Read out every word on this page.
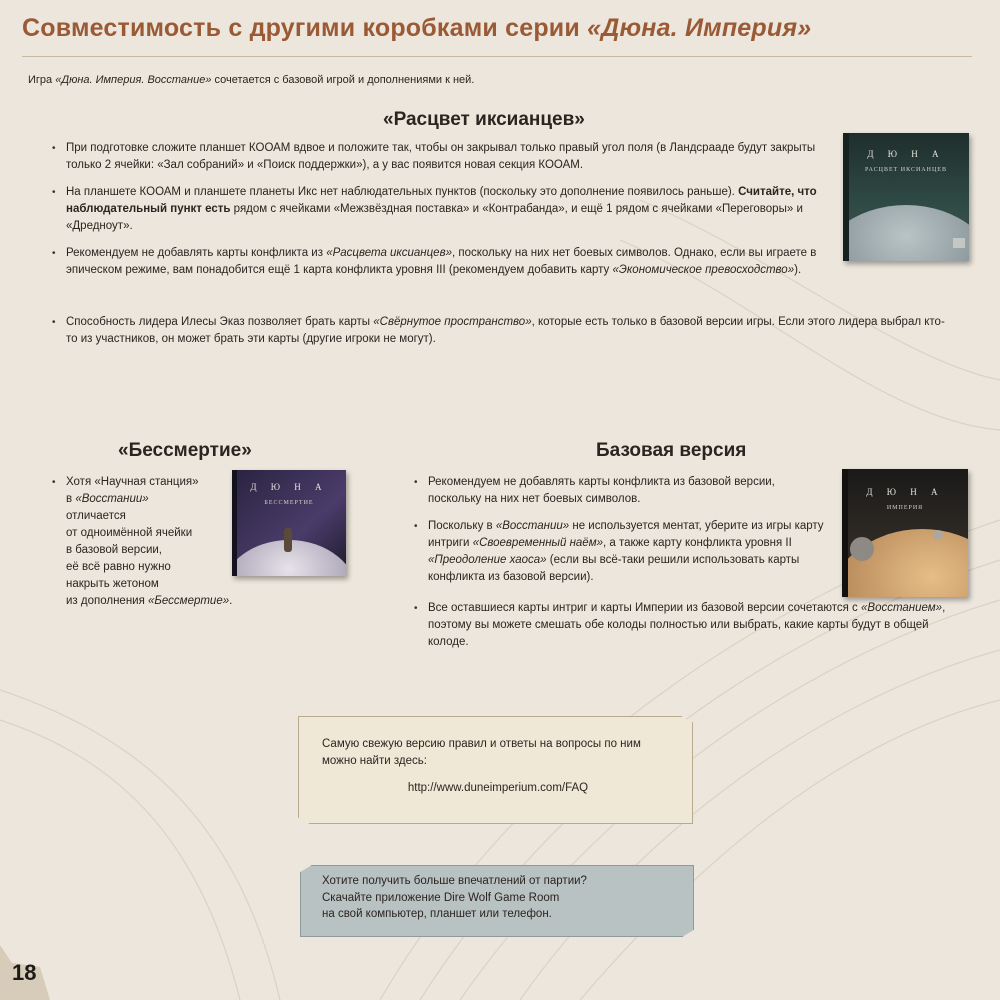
Совместимость с другими коробками серии «Дюна. Империя»
Игра «Дюна. Империя. Восстание» сочетается с базовой игрой и дополнениями к ней.
«Расцвет иксианцев»
• При подготовке сложите планшет КООАМ вдвое и положите так, чтобы он закрывал только правый угол поля (в Ландсрааде будут закрыты только 2 ячейки: «Зал собраний» и «Поиск поддержки»), а у вас появится новая секция КООАМ.
• На планшете КООАМ и планшете планеты Икс нет наблюдательных пунктов (поскольку это дополнение появилось раньше). Считайте, что наблюдательный пункт есть рядом с ячейками «Межзвёздная поставка» и «Контрабанда», и ещё 1 рядом с ячейками «Переговоры» и «Дредноут».
• Рекомендуем не добавлять карты конфликта из «Расцвета иксианцев», поскольку на них нет боевых символов. Однако, если вы играете в эпическом режиме, вам понадобится ещё 1 карта конфликта уровня III (рекомендуем добавить карту «Экономическое превосходство»).
• Способность лидера Илесы Эказ позволяет брать карты «Свёрнутое пространство», которые есть только в базовой версии игры. Если этого лидера выбрал кто-то из участников, он может брать эти карты (другие игроки не могут).
Д Ю Н А
РАСЦВЕТ ИКСИАНЦЕВ
«Бессмертие»
• Хотя «Научная станция»
в «Восстании»
отличается
от одноимённой ячейки
в базовой версии,
её всё равно нужно
накрыть жетоном
из дополнения «Бессмертие».
Д Ю Н А
БЕССМЕРТИЕ
Базовая версия
• Рекомендуем не добавлять карты конфликта из базовой версии, поскольку на них нет боевых символов.
• Поскольку в «Восстании» не используется ментат, уберите из игры карту интриги «Своевременный наём», а также карту конфликта уровня II «Преодоление хаоса» (если вы всё-таки решили использовать карты конфликта из базовой версии).
• Все оставшиеся карты интриг и карты Империи из базовой версии сочетаются с «Восстанием», поэтому вы можете смешать обе колоды полностью или выбрать, какие карты будут в общей колоде.
Д Ю Н А
ИМПЕРИЯ
Самую свежую версию правил и ответы на вопросы по ним
можно найти здесь:
http://www.duneimperium.com/FAQ
Хотите получить больше впечатлений от партии?
Скачайте приложение Dire Wolf Game Room
на свой компьютер, планшет или телефон.
18
